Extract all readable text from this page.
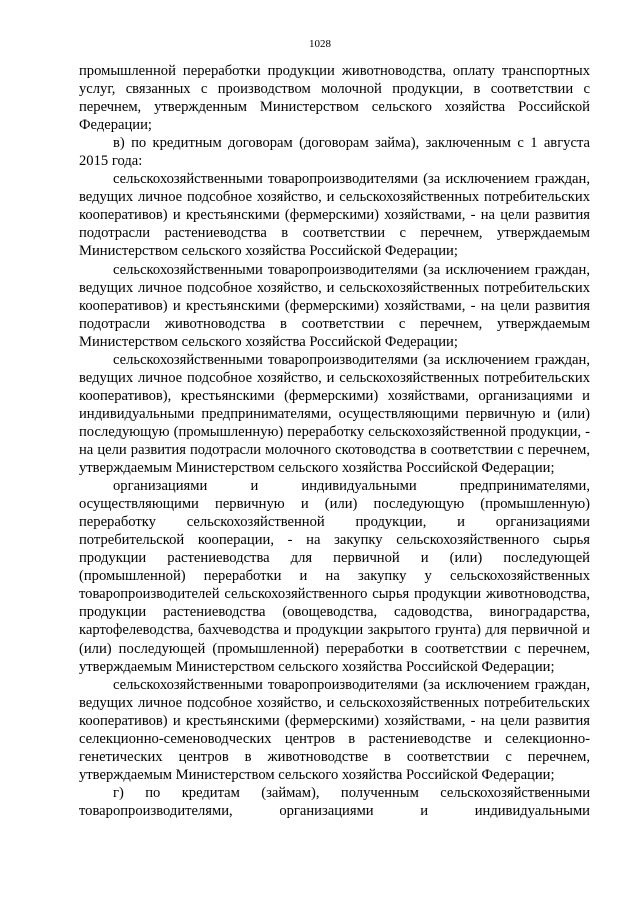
1028

промышленной переработки продукции животноводства, оплату транспортных услуг, связанных с производством молочной продукции, в соответствии с перечнем, утвержденным Министерством сельского хозяйства Российской Федерации;

в) по кредитным договорам (договорам займа), заключенным с 1 августа 2015 года:

сельскохозяйственными товаропроизводителями (за исключением граждан, ведущих личное подсобное хозяйство, и сельскохозяйственных потребительских кооперативов) и крестьянскими (фермерскими) хозяйствами, - на цели развития подотрасли растениеводства в соответствии с перечнем, утверждаемым Министерством сельского хозяйства Российской Федерации;

сельскохозяйственными товаропроизводителями (за исключением граждан, ведущих личное подсобное хозяйство, и сельскохозяйственных потребительских кооперативов) и крестьянскими (фермерскими) хозяйствами, - на цели развития подотрасли животноводства в соответствии с перечнем, утверждаемым Министерством сельского хозяйства Российской Федерации;

сельскохозяйственными товаропроизводителями (за исключением граждан, ведущих личное подсобное хозяйство, и сельскохозяйственных потребительских кооперативов), крестьянскими (фермерскими) хозяйствами, организациями и индивидуальными предпринимателями, осуществляющими первичную и (или) последующую (промышленную) переработку сельскохозяйственной продукции, - на цели развития подотрасли молочного скотоводства в соответствии с перечнем, утверждаемым Министерством сельского хозяйства Российской Федерации;

организациями и индивидуальными предпринимателями, осуществляющими первичную и (или) последующую (промышленную) переработку сельскохозяйственной продукции, и организациями потребительской кооперации, - на закупку сельскохозяйственного сырья продукции растениеводства для первичной и (или) последующей (промышленной) переработки и на закупку у сельскохозяйственных товаропроизводителей сельскохозяйственного сырья продукции животноводства, продукции растениеводства (овощеводства, садоводства, виноградарства, картофелеводства, бахчеводства и продукции закрытого грунта) для первичной и (или) последующей (промышленной) переработки в соответствии с перечнем, утверждаемым Министерством сельского хозяйства Российской Федерации;

сельскохозяйственными товаропроизводителями (за исключением граждан, ведущих личное подсобное хозяйство, и сельскохозяйственных потребительских кооперативов) и крестьянскими (фермерскими) хозяйствами, - на цели развития селекционно-семеноводческих центров в растениеводстве и селекционно-генетических центров в животноводстве в соответствии с перечнем, утверждаемым Министерством сельского хозяйства Российской Федерации;

г) по кредитам (займам), полученным сельскохозяйственными товаропроизводителями, организациями и индивидуальными
